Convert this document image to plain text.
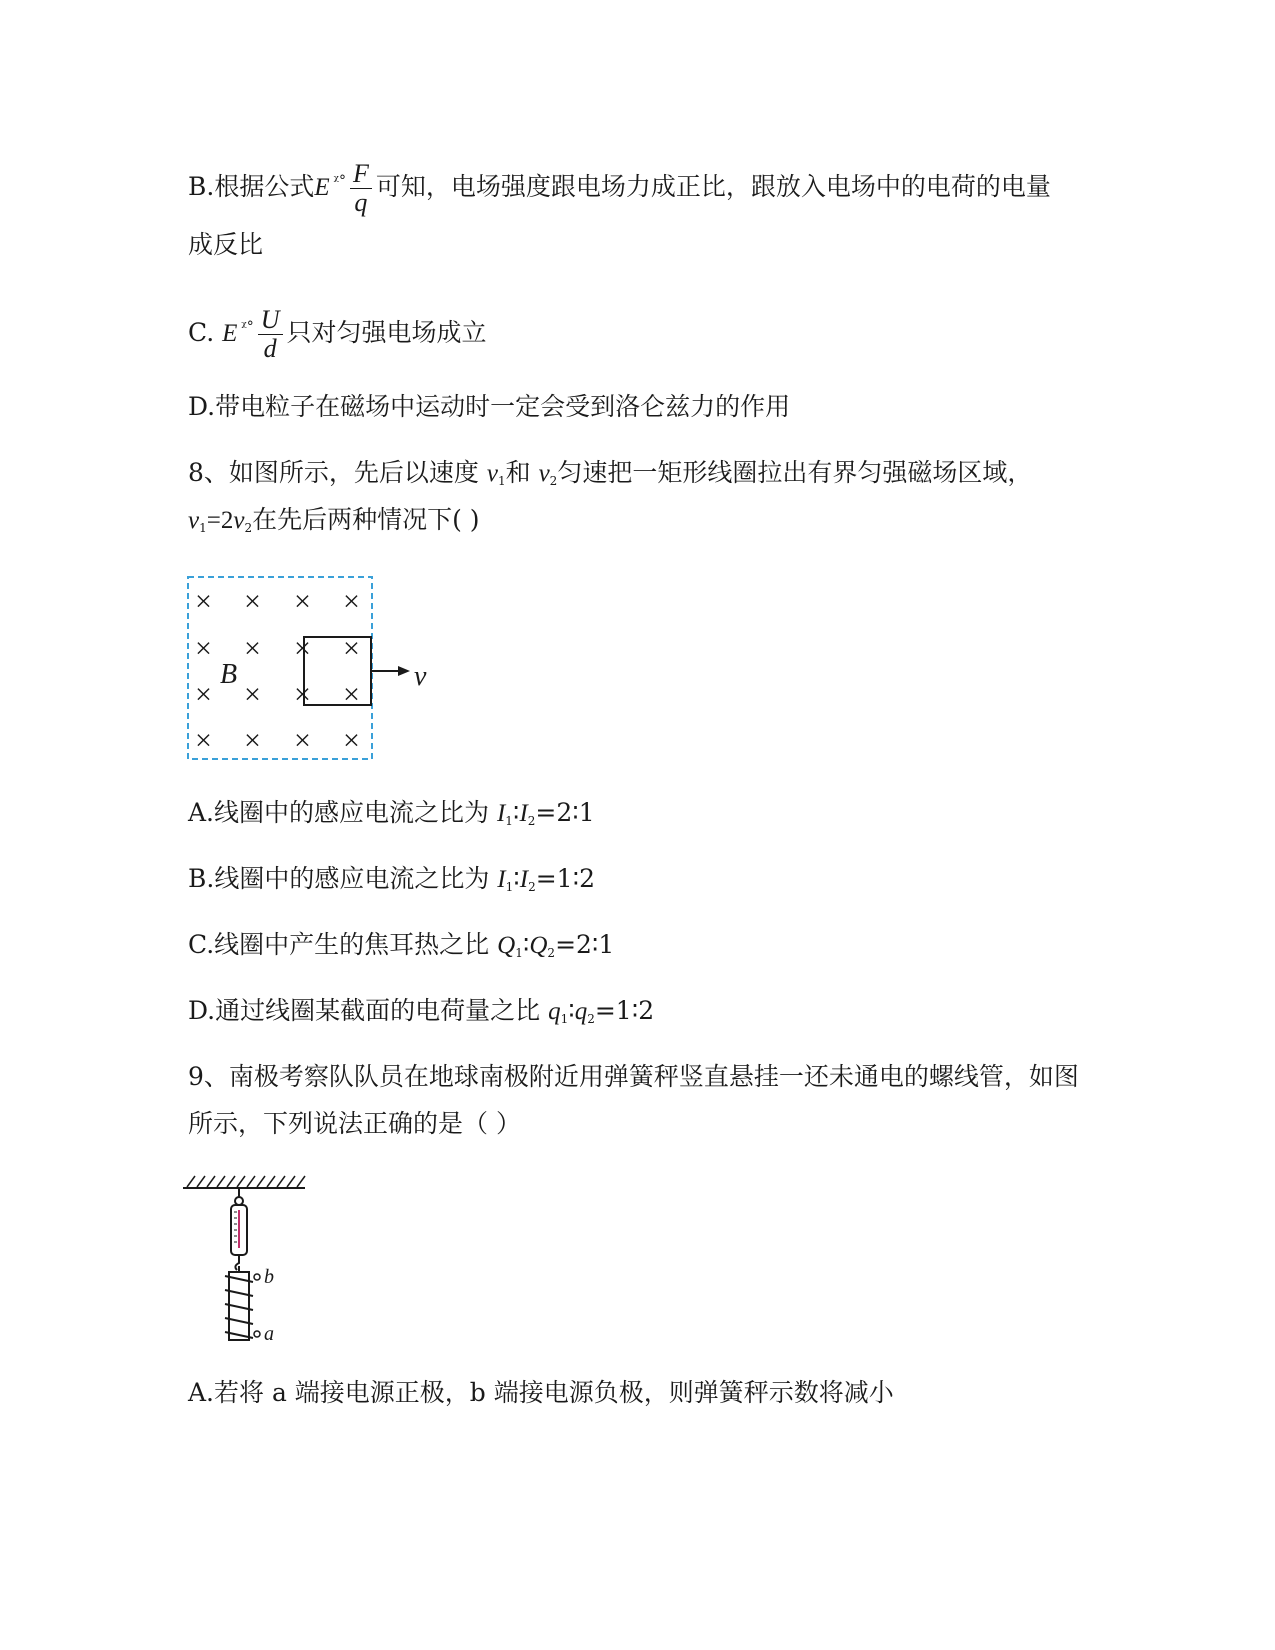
B.根据公式E $^{ᵡ^\circ} \frac{F}{q}$ 可知，电场强度跟电场力成正比，跟放入电场中的电荷的电量
成反比
C. E $^{ᵡ^\circ} \frac{U}{d}$ 只对匀强电场成立
D.带电粒子在磁场中运动时一定会受到洛仑兹力的作用
8、如图所示，先后以速度 $v_1$和 $v_2$匀速把一矩形线圈拉出有界匀强磁场区域，
$v_1=2v_2$在先后两种情况下( )
× × × ×
× × × ×
× × × ×
× × × ×
v
B
A.线圈中的感应电流之比为 $I_1∶I_2=2∶1$
B.线圈中的感应电流之比为 $I_1∶I_2=1∶2$
C.线圈中产生的焦耳热之比 $Q_1∶Q_2=2∶1$
D.通过线圈某截面的电荷量之比 $q_1∶q_2=1∶2$
9、南极考察队队员在地球南极附近用弹簧秤竖直悬挂一还未通电的螺线管，如图
所示，下列说法正确的是（ ）
b
a
A.若将 a 端接电源正极，b 端接电源负极，则弹簧秤示数将减小
